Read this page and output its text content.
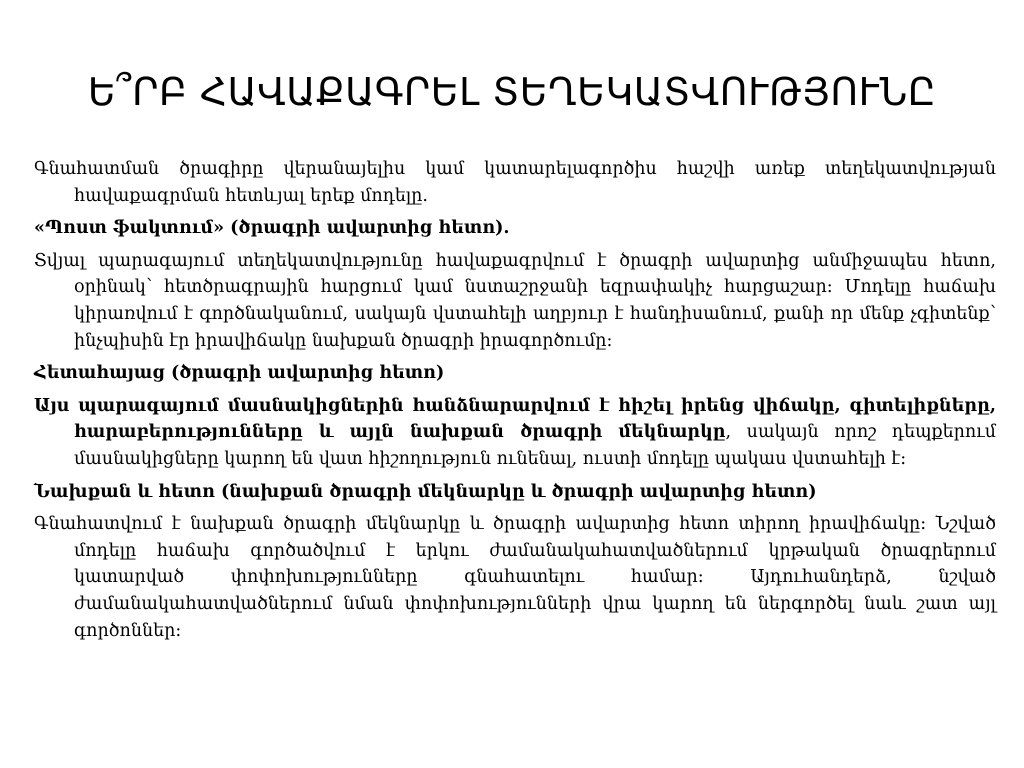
Ե՞ՐԲ ՀԱՎԱՔԱԳՐԵԼ ՏԵՂԵԿԱՏՎՈՒԹՅՈՒՆԸ

Գնահատման ծրագիրը վերանայելիս կամ կատարելագործիս հաշվի առեք տեղեկատվության հավաքագրման հետևյալ երեք մոդելը.

«Պոստ ֆակտում» (ծրագրի ավարտից հետո).

Տվյալ պարագայում տեղեկատվությունը հավաքագրվում է ծրագրի ավարտից անմիջապես հետո, օրինակ՝ հետծրագրային հարցում կամ նստաշրջանի եզրափակիչ հարցաշար: Մոդելը հաճախ կիրառվում է գործնականում, սակայն վստահելի աղբյուր է հանդիսանում, քանի որ մենք չգիտենք՝ ինչպիսին էր իրավիճակը նախքան ծրագրի իրագործումը:

Հետահայաց (ծրագրի ավարտից հետո)

Այս պարագայում մասնակիցներին հանձնարարվում է հիշել իրենց վիճակը, գիտելիքները, հարաբերությունները և այլն նախքան ծրագրի մեկնարկը, սակայն որոշ դեպքերում մասնակիցները կարող են վատ հիշողություն ունենալ, ուստի մոդելը պակաս վստահելի է:

Նախքան և հետո (նախքան ծրագրի մեկնարկը և ծրագրի ավարտից հետո)

Գնահատվում է նախքան ծրագրի մեկնարկը և ծրագրի ավարտից հետո տիրող իրավիճակը: Նշված մոդելը հաճախ գործածվում է երկու ժամանակահատվածներում կրթական ծրագրերում կատարված փոփոխությունները գնահատելու համար: Այդուհանդերձ, նշված ժամանակահատվածներում նման փոփոխությունների վրա կարող են ներգործել նաև շատ այլ գործոններ:
